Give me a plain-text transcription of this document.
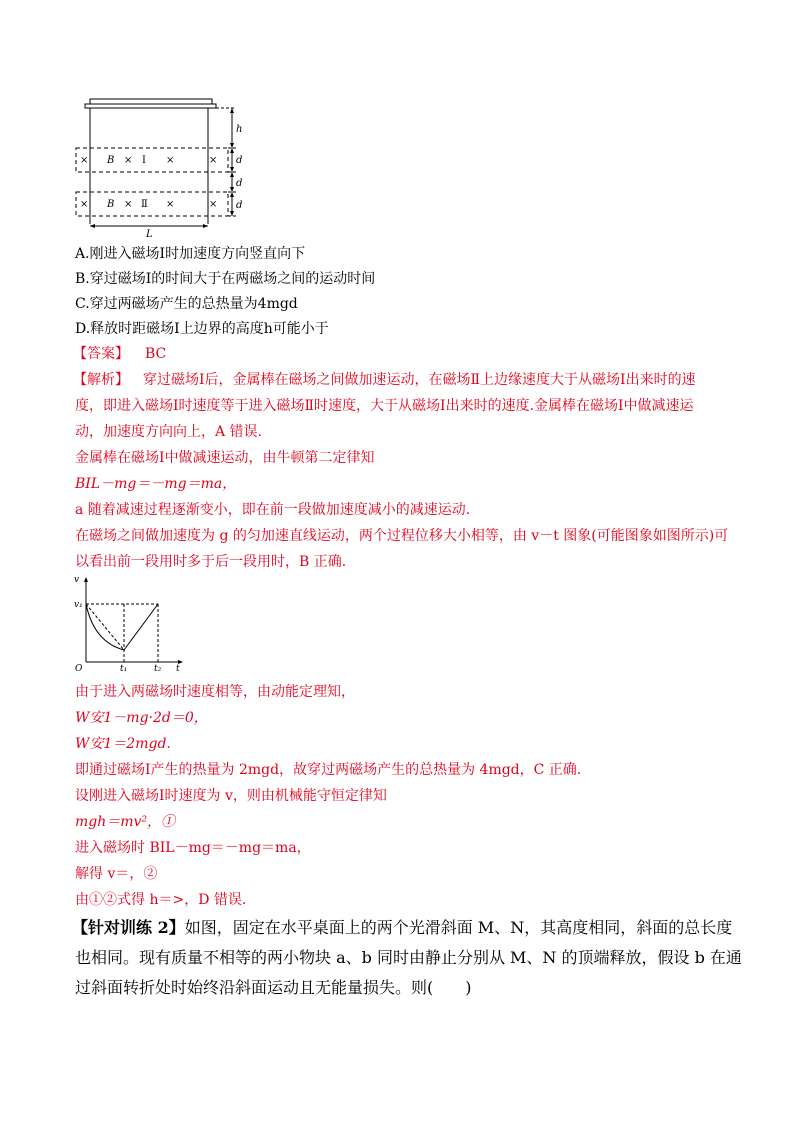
h
d
d
d
L
× B × Ⅰ ×	×
× B × Ⅱ ×	×
A.刚进入磁场Ⅰ时加速度方向竖直向下
B.穿过磁场Ⅰ的时间大于在两磁场之间的运动时间
C.穿过两磁场产生的总热量为4mgd
D.释放时距磁场Ⅰ上边界的高度h可能小于
【答案】 BC
【解析】 穿过磁场Ⅰ后，金属棒在磁场之间做加速运动，在磁场Ⅱ上边缘速度大于从磁场Ⅰ出来时的速
度，即进入磁场Ⅰ时速度等于进入磁场Ⅱ时速度，大于从磁场Ⅰ出来时的速度.金属棒在磁场Ⅰ中做减速运
动，加速度方向向上，A 错误.
金属棒在磁场Ⅰ中做减速运动，由牛顿第二定律知
BIL－mg＝－mg＝ma，
a 随着减速过程逐渐变小，即在前一段做加速度减小的减速运动.
在磁场之间做加速度为 g 的匀加速直线运动，两个过程位移大小相等，由 v－t 图象(可能图象如图所示)可
以看出前一段用时多于后一段用时，B 正确.
v
v₁
O	t₁	t₂ t
由于进入两磁场时速度相等，由动能定理知，
W安1－mg·2d＝0，
W安1＝2mgd.
即通过磁场Ⅰ产生的热量为 2mgd，故穿过两磁场产生的总热量为 4mgd，C 正确.
设刚进入磁场Ⅰ时速度为 v，则由机械能守恒定律知
mgh＝mv²，①
进入磁场时 BIL－mg＝－mg＝ma，
解得 v＝，②
由①②式得 h＝>，D 错误.
【针对训练 2】如图，固定在水平桌面上的两个光滑斜面 M、N，其高度相同，斜面的总长度
也相同。现有质量不相等的两小物块 a、b 同时由静止分别从 M、N 的顶端释放，假设 b 在通
过斜面转折处时始终沿斜面运动且无能量损失。则(　　)
